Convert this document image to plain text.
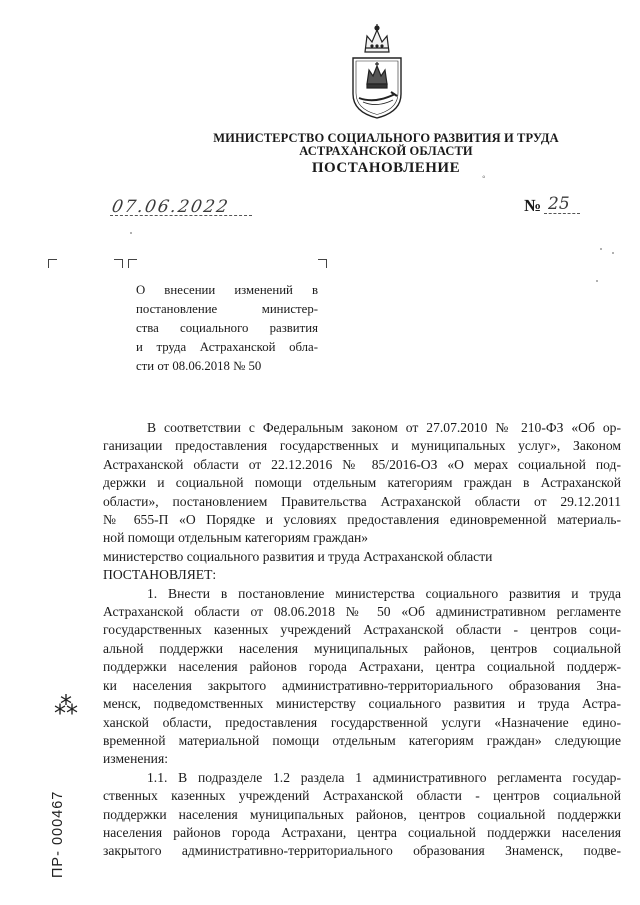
МИНИСТЕРСТВО СОЦИАЛЬНОГО РАЗВИТИЯ И ТРУДА
АСТРАХАНСКОЙ ОБЛАСТИ
ПОСТАНОВЛЕНИЕ
◦
07.06.2022	№ 25
О внесении изменений в
постановление министер-
ства социального развития
и труда Астраханской обла-
сти от 08.06.2018 № 50
В соответствии с Федеральным законом от 27.07.2010 № 210-ФЗ «Об ор-
ганизации предоставления государственных и муниципальных услуг», Законом
Астраханской области от 22.12.2016 № 85/2016-ОЗ «О мерах социальной под-
держки и социальной помощи отдельным категориям граждан в Астраханской
области», постановлением Правительства Астраханской области от 29.12.2011
№ 655-П «О Порядке и условиях предоставления единовременной материаль-
ной помощи отдельным категориям граждан»
министерство социального развития и труда Астраханской области
ПОСТАНОВЛЯЕТ:
1. Внести в постановление министерства социального развития и труда
Астраханской области от 08.06.2018 № 50 «Об административном регламенте
государственных казенных учреждений Астраханской области - центров соци-
альной поддержки населения муниципальных районов, центров социальной
поддержки населения районов города Астрахани, центра социальной поддерж-
ки населения закрытого административно-территориального образования Зна-
менск, подведомственных министерству социального развития и труда Астра-
ханской области, предоставления государственной услуги «Назначение едино-
временной материальной помощи отдельным категориям граждан» следующие
изменения:
1.1. В подразделе 1.2 раздела 1 административного регламента государ-
ственных казенных учреждений Астраханской области - центров социальной
поддержки населения муниципальных районов, центров социальной поддержки
населения районов города Астрахани, центра социальной поддержки населения
закрытого административно-территориального образования Знаменск, подве-
⁂
ПР- 000467
